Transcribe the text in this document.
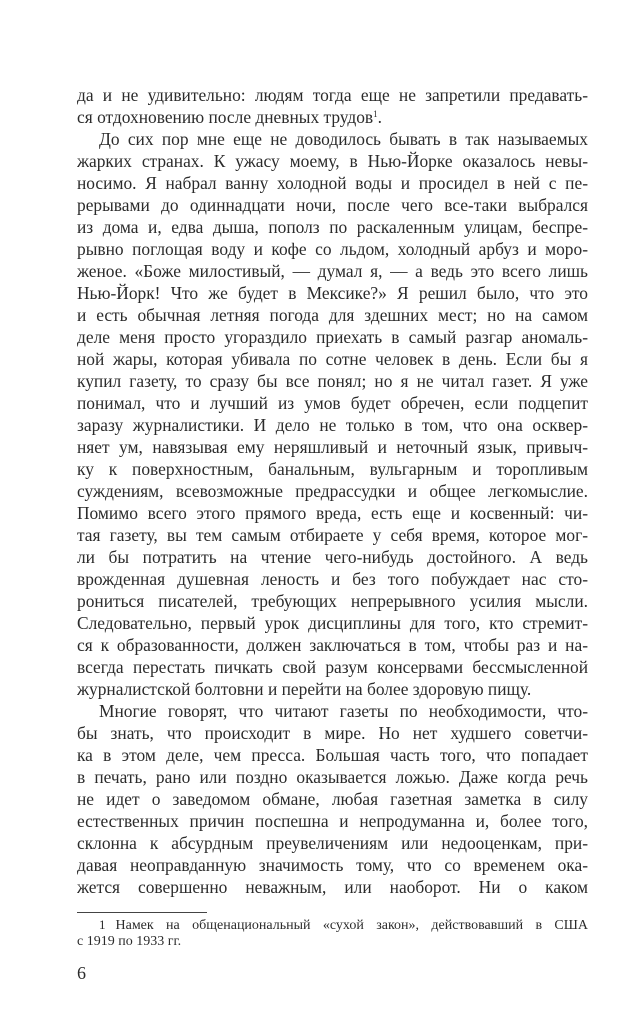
да и не удивительно: людям тогда еще не запретили предавать-
ся отдохновению после дневных трудов$^1$.
До сих пор мне еще не доводилось бывать в так называемых
жарких странах. К ужасу моему, в Нью-Йорке оказалось невы-
носимо. Я набрал ванну холодной воды и просидел в ней с пе-
рерывами до одиннадцати ночи, после чего все-таки выбрался
из дома и, едва дыша, пополз по раскаленным улицам, беспре-
рывно поглощая воду и кофе со льдом, холодный арбуз и моро-
женое. «Боже милостивый, — думал я, — а ведь это всего лишь
Нью-Йорк! Что же будет в Мексике?» Я решил было, что это
и есть обычная летняя погода для здешних мест; но на самом
деле меня просто угораздило приехать в самый разгар аномаль-
ной жары, которая убивала по сотне человек в день. Если бы я
купил газету, то сразу бы все понял; но я не читал газет. Я уже
понимал, что и лучший из умов будет обречен, если подцепит
заразу журналистики. И дело не только в том, что она осквер-
няет ум, навязывая ему неряшливый и неточный язык, привыч-
ку к поверхностным, банальным, вульгарным и торопливым
суждениям, всевозможные предрассудки и общее легкомыслие.
Помимо всего этого прямого вреда, есть еще и косвенный: чи-
тая газету, вы тем самым отбираете у себя время, которое мог-
ли бы потратить на чтение чего-нибудь достойного. А ведь
врожденная душевная леность и без того побуждает нас сто-
рониться писателей, требующих непрерывного усилия мысли.
Следовательно, первый урок дисциплины для того, кто стремит-
ся к образованности, должен заключаться в том, чтобы раз и на-
всегда перестать пичкать свой разум консервами бессмысленной
журналистской болтовни и перейти на более здоровую пищу.
Многие говорят, что читают газеты по необходимости, что-
бы знать, что происходит в мире. Но нет худшего советчи-
ка в этом деле, чем пресса. Большая часть того, что попадает
в печать, рано или поздно оказывается ложью. Даже когда речь
не идет о заведомом обмане, любая газетная заметка в силу
естественных причин поспешна и непродуманна и, более того,
склонна к абсурдным преувеличениям или недооценкам, при-
давая неоправданную значимость тому, что со временем ока-
жется совершенно неважным, или наоборот. Ни о каком
1 Намек на общенациональный «сухой закон», действовавший в США
с 1919 по 1933 гг.
6
